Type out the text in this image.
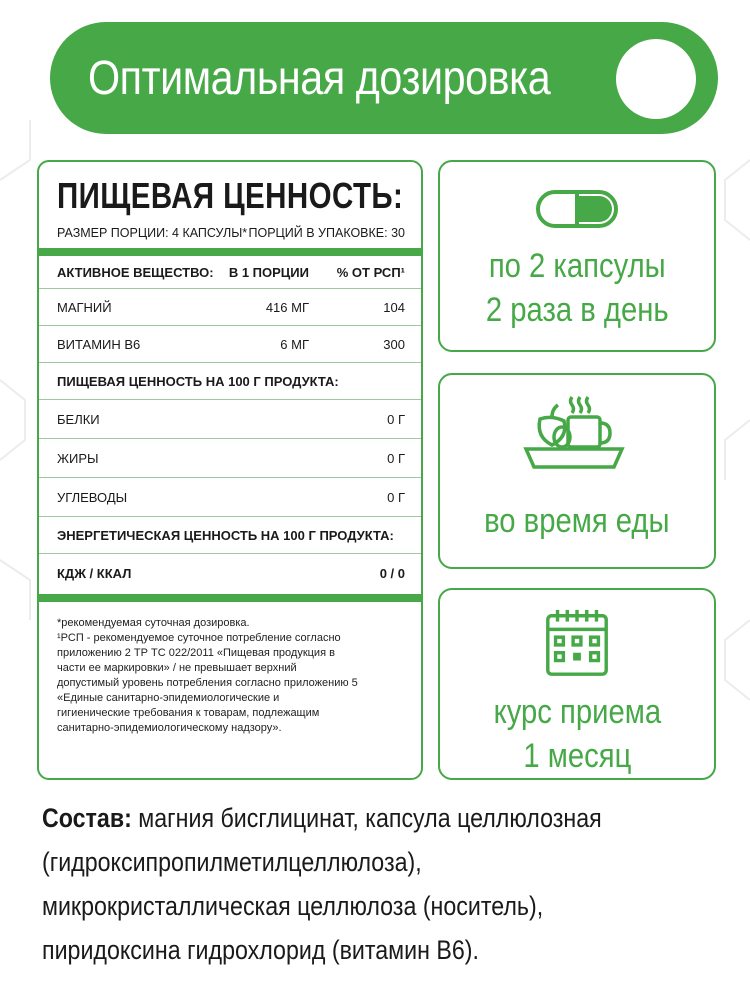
Оптимальная дозировка
ПИЩЕВАЯ ЦЕННОСТЬ:
РАЗМЕР ПОРЦИИ: 4 КАПСУЛЫ* ПОРЦИЙ В УПАКОВКЕ: 30
АКТИВНОЕ ВЕЩЕСТВО:	В 1 ПОРЦИИ	% ОТ РСП¹
МАГНИЙ	416 МГ	104
ВИТАМИН В6	6 МГ	300
ПИЩЕВАЯ ЦЕННОСТЬ НА 100 Г ПРОДУКТА:
БЕЛКИ	0 Г
ЖИРЫ	0 Г
УГЛЕВОДЫ	0 Г
ЭНЕРГЕТИЧЕСКАЯ ЦЕННОСТЬ НА 100 Г ПРОДУКТА:
КДЖ / ККАЛ	0 / 0
*рекомендуемая суточная дозировка.
¹РСП - рекомендуемое суточное потребление согласно
приложению 2 ТР ТС 022/2011 «Пищевая продукция в
части ее маркировки» / не превышает верхний
допустимый уровень потребления согласно приложению 5
«Единые санитарно-эпидемиологические и
гигиенические требования к товарам, подлежащим
санитарно-эпидемиологическому надзору».
по 2 капсулы
2 раза в день
во время еды
курс приема
1 месяц
Состав: магния бисглицинат, капсула целлюлозная
(гидроксипропилметилцеллюлоза),
микрокристаллическая целлюлоза (носитель),
пиридоксина гидрохлорид (витамин В6).
